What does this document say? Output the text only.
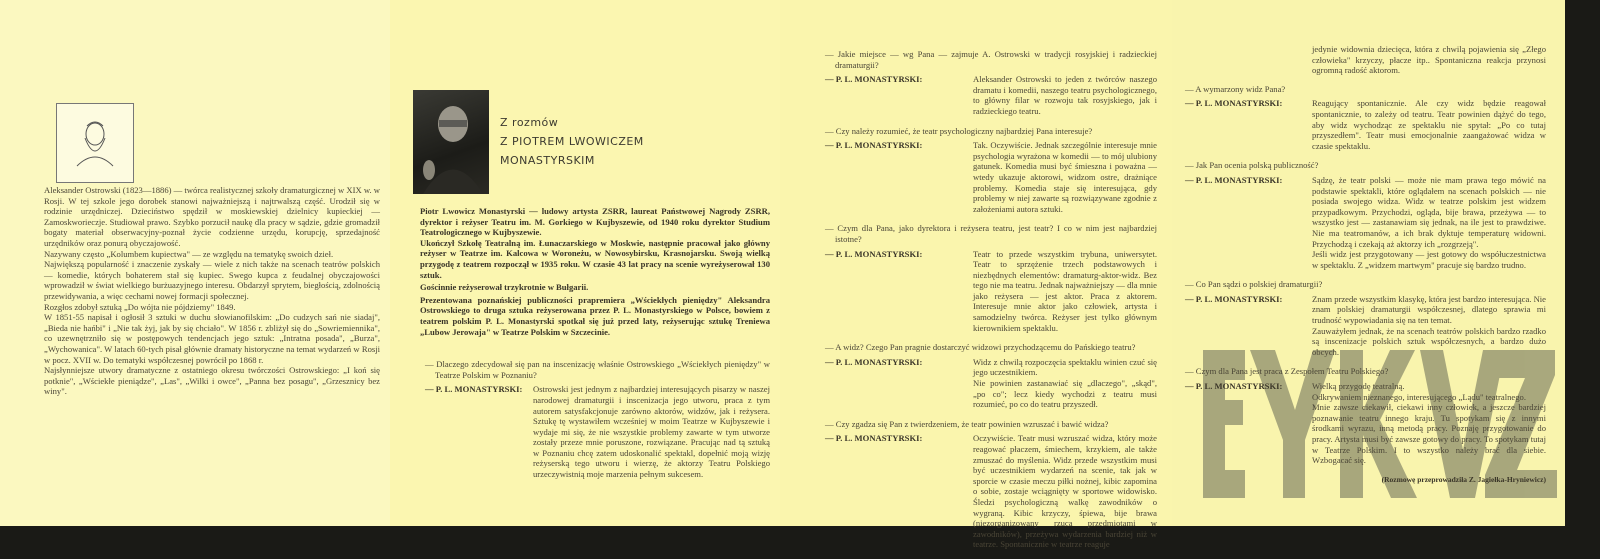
Aleksander Ostrowski (1823—1886) — twórca realistycznej szkoły dramaturgicznej w XIX w. w Rosji. W tej szkole jego dorobek stanowi najważniejszą i najtrwalszą część. Urodził się w rodzinie urzędniczej. Dzieciństwo spędził w moskiewskiej dzielnicy kupieckiej — Zamoskworieczje. Studiował prawo. Szybko porzucił naukę dla pracy w sądzie, gdzie gromadził bogaty materiał obserwacyjny-poznał życie codzienne urzędu, korupcję, sprzedajność urzędników oraz ponurą obyczajowość.

Nazywany często „Kolumbem kupiectwa" — ze względu na tematykę swoich dzieł.

Największą popularność i znaczenie zyskały — wiele z nich także na scenach teatrów polskich — komedie, których bohaterem stał się kupiec. Swego kupca z feudalnej obyczajowości wprowadził w świat wielkiego burżuazyjnego interesu. Obdarzył sprytem, biegłością, zdolnością przewidywania, a więc cechami nowej formacji społecznej.

Rozgłos zdobył sztuką „Do wójta nie pójdziemy" 1849.

W 1851-55 napisał i ogłosił 3 sztuki w duchu słowianofilskim: „Do cudzych sań nie siadaj", „Bieda nie hańbi" i „Nie tak żyj, jak by się chciało". W 1856 r. zbliżył się do „Sowriemiennika", co uzewnętrzniło się w postępowych tendencjach jego sztuk: „Intratna posada", „Burza", „Wychowanica". W latach 60-tych pisał głównie dramaty historyczne na temat wydarzeń w Rosji w pocz. XVII w. Do tematyki współczesnej powrócił po 1868 r.

Najsłynniejsze utwory dramatyczne z ostatniego okresu twórczości Ostrowskiego: „I koń się potknie", „Wściekłe pieniądze", „Las", „Wilki i owce", „Panna bez posagu", „Grzesznicy bez winy".

Z rozmów
Z PIOTREM LWOWICZEM
MONASTYRSKIM

Piotr Lwowicz Monastyrski — ludowy artysta ZSRR, laureat Państwowej Nagrody ZSRR, dyrektor i reżyser Teatru im. M. Gorkiego w Kujbyszewie, od 1940 roku dyrektor Studium Teatrologicznego w Kujbyszewie.

Ukończył Szkołę Teatralną im. Łunaczarskiego w Moskwie, następnie pracował jako główny reżyser w Teatrze im. Kalcowa w Woroneżu, w Nowosybirsku, Krasnojarsku. Swoją wielką przygodę z teatrem rozpoczął w 1935 roku. W czasie 43 lat pracy na scenie wyreżyserował 130 sztuk.

Gościnnie reżyserował trzykrotnie w Bułgarii.

Prezentowana poznańskiej publiczności prapremiera „Wściekłych pieniędzy" Aleksandra Ostrowskiego to druga sztuka reżyserowana przez P. L. Monastyrskiego w Polsce, bowiem z teatrem polskim P. L. Monastyrski spotkał się już przed laty, reżyserując sztukę Treniewa „Lubow Jerowaja" w Teatrze Polskim w Szczecinie.

— Dlaczego zdecydował się pan na inscenizację właśnie Ostrowskiego „Wściekłych pieniędzy" w Teatrze Polskim w Poznaniu?
— P. L. MONASTYRSKI:	Ostrowski jest jednym z najbardziej interesujących pisarzy w naszej narodowej dramaturgii i inscenizacja jego utworu, praca z tym autorem satysfakcjonuje zarówno aktorów, widzów, jak i reżysera. Sztukę tę wystawiłem wcześniej w moim Teatrze w Kujbyszewie i wydaje mi się, że nie wszystkie problemy zawarte w tym utworze zostały przeze mnie poruszone, rozwiązane. Pracując nad tą sztuką w Poznaniu chcę zatem udoskonalić spektakl, dopełnić moją wizję reżyserską tego utworu i wierzę, że aktorzy Teatru Polskiego urzeczywistnią moje marzenia pełnym sukcesem.
— Jakie miejsce — wg Pana — zajmuje A. Ostrowski w tradycji rosyjskiej i radzieckiej dramaturgii?
— P. L. MONASTYRSKI:	Aleksander Ostrowski to jeden z twórców naszego dramatu i komedii, naszego teatru psychologicznego, to główny filar w rozwoju tak rosyjskiego, jak i radzieckiego teatru.

— Czy należy rozumieć, że teatr psychologiczny najbardziej Pana interesuje?
— P. L. MONASTYRSKI:	Tak. Oczywiście. Jednak szczególnie interesuje mnie psychologia wyrażona w komedii — to mój ulubiony gatunek. Komedia musi być śmieszna i poważna — wtedy ukazuje aktorowi, widzom ostre, drażniące problemy. Komedia staje się interesująca, gdy problemy w niej zawarte są rozwiązywane zgodnie z założeniami autora sztuki.

— Czym dla Pana, jako dyrektora i reżysera teatru, jest teatr? I co w nim jest najbardziej istotne?
— P. L. MONASTYRSKI:	Teatr to przede wszystkim trybuna, uniwersytet. Teatr to sprzężenie trzech podstawowych i niezbędnych elementów: dramaturg-aktor-widz. Bez tego nie ma teatru. Jednak najważniejszy — dla mnie jako reżysera — jest aktor. Praca z aktorem. Interesuje mnie aktor jako człowiek, artysta i samodzielny twórca. Reżyser jest tylko głównym kierownikiem spektaklu.

— A widz? Czego Pan pragnie dostarczyć widzowi przychodzącemu do Pańskiego teatru?
— P. L. MONASTYRSKI:	Widz z chwilą rozpoczęcia spektaklu winien czuć się jego uczestnikiem.

Nie powinien zastanawiać się „dlaczego", „skąd", „po co"; lecz kiedy wychodzi z teatru musi rozumieć, po co do teatru przyszedł.

— Czy zgadza się Pan z twierdzeniem, że teatr powinien wzruszać i bawić widza?
— P. L. MONASTYRSKI:	Oczywiście. Teatr musi wzruszać widza, który może reagować płaczem, śmiechem, krzykiem, ale także zmuszać do myślenia. Widz przede wszystkim musi być uczestnikiem wydarzeń na scenie, tak jak w sporcie w czasie meczu piłki nożnej, kibic zapomina o sobie, zostaje wciągnięty w sportowe widowisko. Śledzi psychologiczną walkę zawodników o wygraną. Kibic krzyczy, śpiewa, bije brawa (niezorganizowany rzuca przedmiotami w zawodników), przeżywa wydarzenia bardziej niż w teatrze. Spontanicznie w teatrze reaguje

jedynie widownia dziecięca, która z chwilą pojawienia się „Złego człowieka" krzyczy, płacze itp.. Spontaniczna reakcja przynosi ogromną radość aktorom.
— A wymarzony widz Pana?
— P. L. MONASTYRSKI:	Reagujący spontanicznie. Ale czy widz będzie reagował spontanicznie, to zależy od teatru. Teatr powinien dążyć do tego, aby widz wychodząc ze spektaklu nie spytał: „Po co tutaj przyszedłem". Teatr musi emocjonalnie zaangażować widza w czasie spektaklu.

— Jak Pan ocenia polską publiczność?
— P. L. MONASTYRSKI:	Sądzę, że teatr polski — może nie mam prawa tego mówić na podstawie spektakli, które oglądałem na scenach polskich — nie posiada swojego widza. Widz w teatrze polskim jest widzem przypadkowym. Przychodzi, ogląda, bije brawa, przeżywa — to wszystko jest — zastanawiam się jednak, na ile jest to prawdziwe. Nie ma teatromanów, a ich brak dyktuje temperaturę widowni. Przychodzą i czekają aż aktorzy ich „rozgrzeją".

Jeśli widz jest przygotowany — jest gotowy do współuczestnictwa w spektaklu. Z „widzem martwym" pracuje się bardzo trudno.

— Co Pan sądzi o polskiej dramaturgii?
— P. L. MONASTYRSKI:	Znam przede wszystkim klasykę, która jest bardzo interesująca. Nie znam polskiej dramaturgii współczesnej, dlatego sprawia mi trudność wypowiadania się na ten temat.

Zauważyłem jednak, że na scenach teatrów polskich bardzo rzadko są inscenizacje polskich sztuk współczesnych, a bardzo dużo obcych.

— Czym dla Pana jest praca z Zespołem Teatru Polskiego?
— P. L. MONASTYRSKI:	Wielką przygodę teatralną.

Odkrywaniem nieznanego, interesującego „Lądu" teatralnego.

Mnie zawsze ciekawił, ciekawi inny człowiek, a jeszcze bardziej poznawanie teatru innego kraju. Tu spotykam się z innymi środkami wyrazu, inną metodą pracy. Poznaję przygotowanie do pracy. Artysta musi być zawsze gotowy do pracy. To spotykam tutaj w Teatrze Polskim. I to wszystko należy brać dla siebie. Wzbogacać się.

(Rozmowę przeprowadziła Z. Jagiełka-Hryniewicz)
